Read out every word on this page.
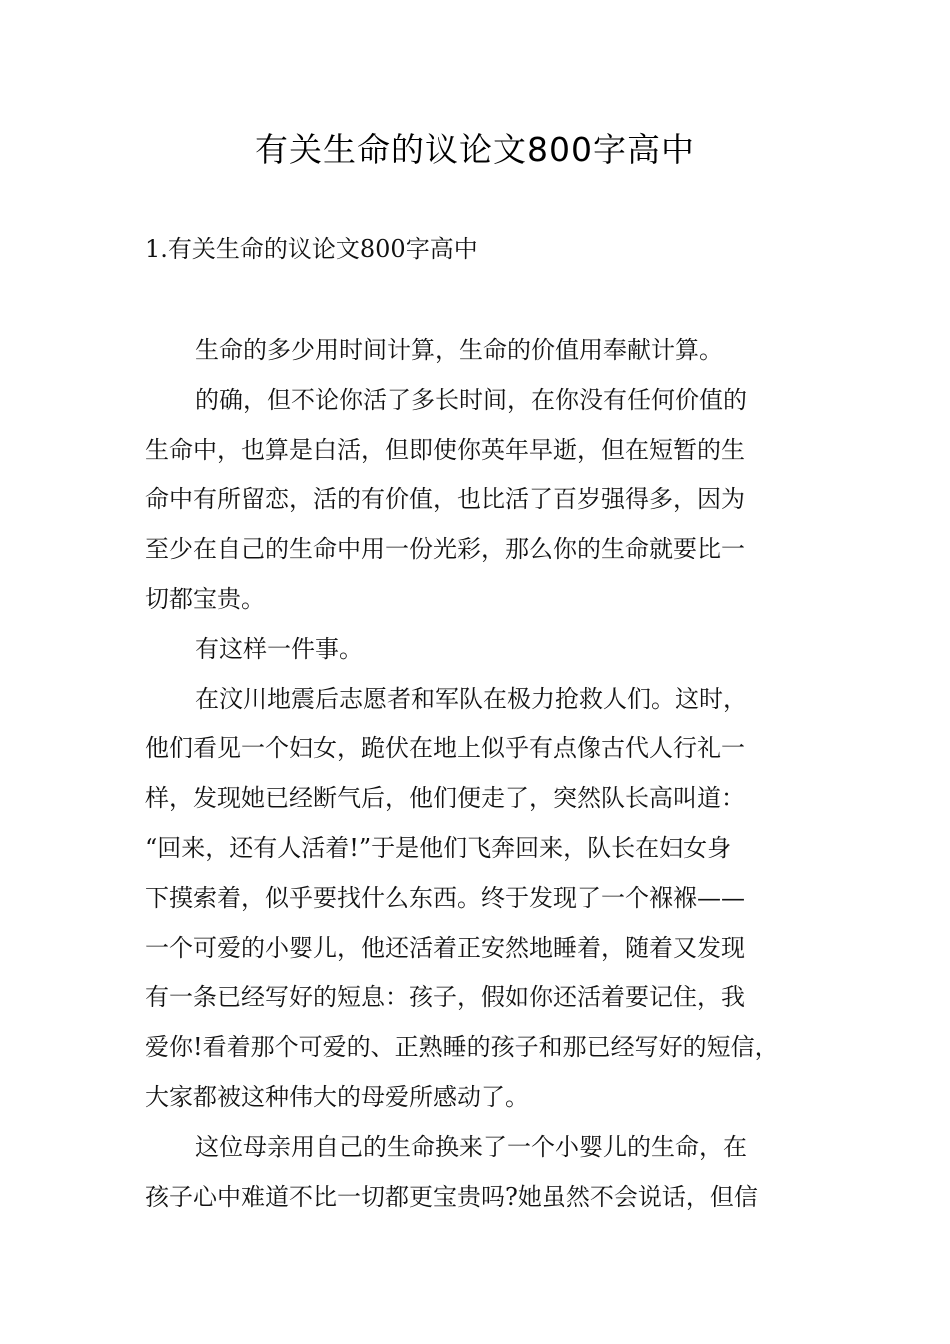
有关生命的议论文800字高中
1.有关生命的议论文800字高中
生命的多少用时间计算，生命的价值用奉献计算。
的确，但不论你活了多长时间，在你没有任何价值的
生命中，也算是白活，但即使你英年早逝，但在短暂的生
命中有所留恋，活的有价值，也比活了百岁强得多，因为
至少在自己的生命中用一份光彩，那么你的生命就要比一
切都宝贵。
有这样一件事。
在汶川地震后志愿者和军队在极力抢救人们。这时，
他们看见一个妇女，跪伏在地上似乎有点像古代人行礼一
样，发现她已经断气后，他们便走了，突然队长高叫道：
“回来，还有人活着!”于是他们飞奔回来，队长在妇女身
下摸索着，似乎要找什么东西。终于发现了一个褓褓——
一个可爱的小婴儿，他还活着正安然地睡着，随着又发现
有一条已经写好的短息：孩子，假如你还活着要记住，我
爱你!看着那个可爱的、正熟睡的孩子和那已经写好的短信，
大家都被这种伟大的母爱所感动了。
这位母亲用自己的生命换来了一个小婴儿的生命，在
孩子心中难道不比一切都更宝贵吗?她虽然不会说话，但信
